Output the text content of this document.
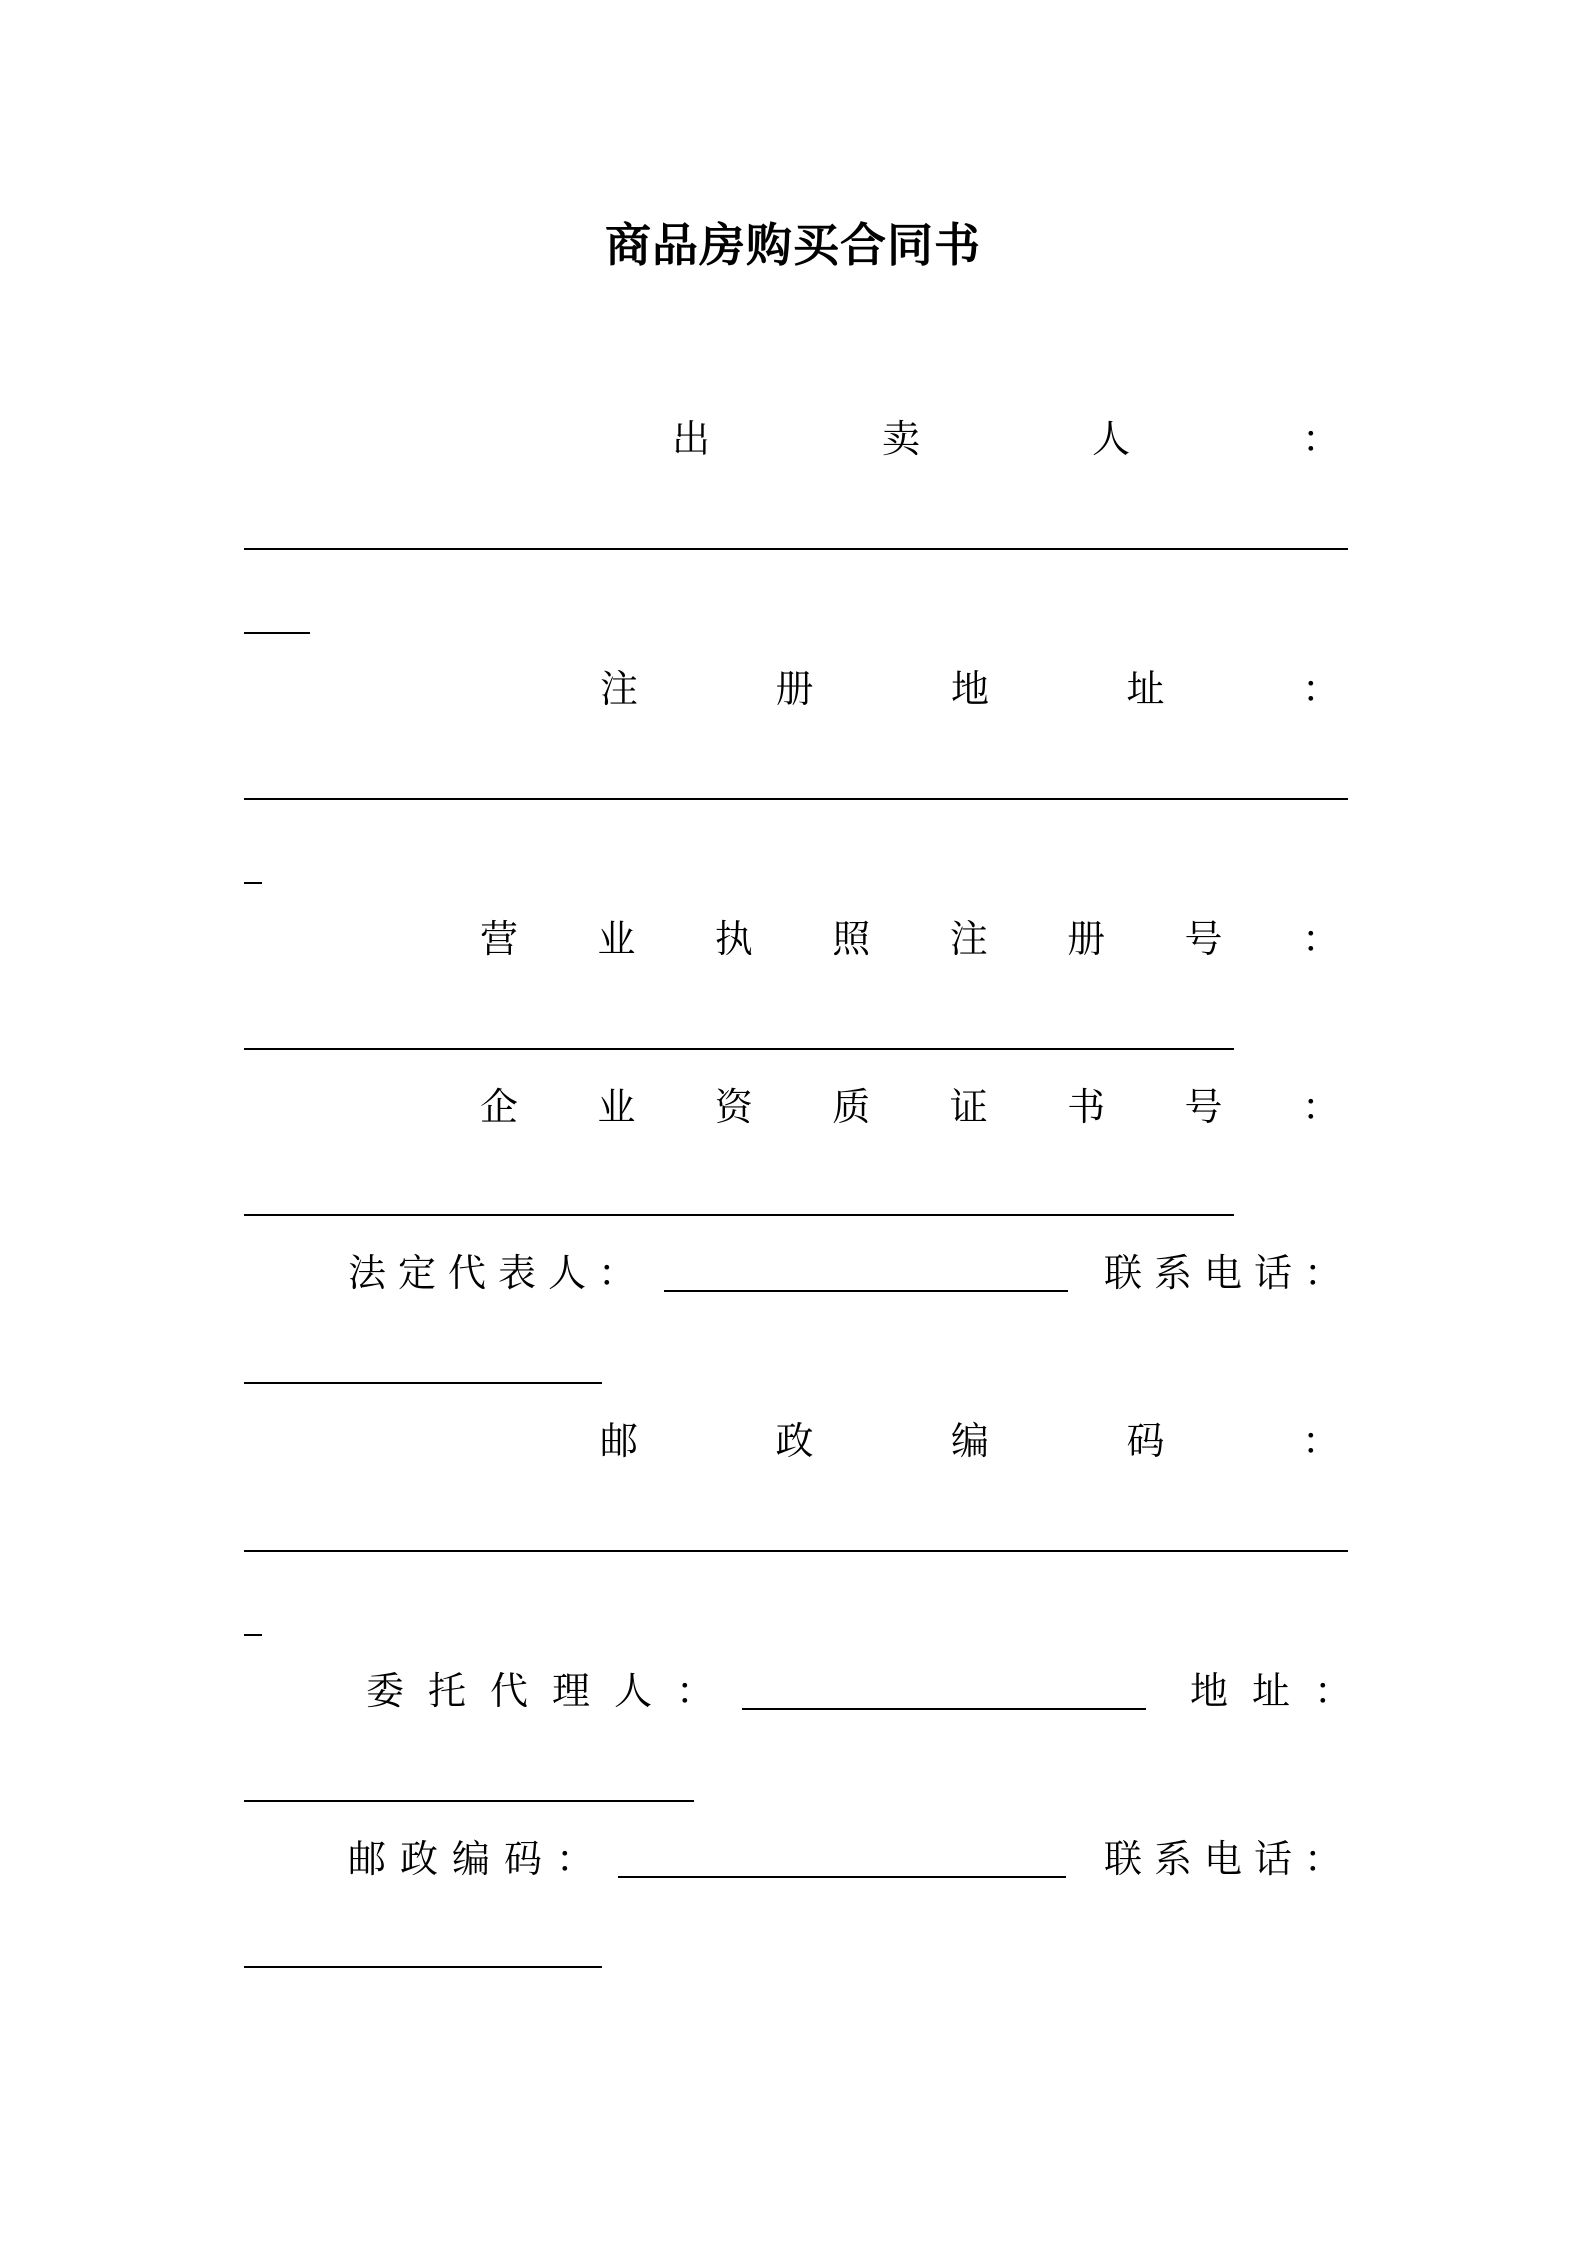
商品房购买合同书
出	卖	人	：
注	册	地	址	：
营 业 执 照 注 册 号 ：
企 业 资 质 证 书 号 ：
法定代表人：	联系电话：
邮	政	编	码	：
委托代理人：	地址：
邮政编码：	联系电话：
